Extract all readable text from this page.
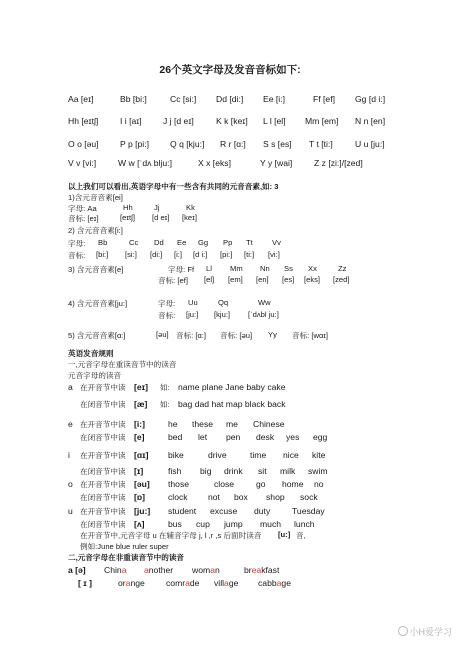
26个英文字母及发音音标如下:
Aa [eɪ]	Bb [bi:]	Cc [si:] Dd [di:] Ee [i:]	Ff [ef] Gg [d i:]
Hh [eɪtʃ]	I i [aɪ] J j [d eɪ]	K k [keɪ] L l [el] Mm [em] N n [en]
O o [əu] P p [pi:] Q q [kju:] R r [ɑ:] S s [es] T t [ti:]	U u [ju:]
V v [vi:]	W w [ˈdʌ blju:]	X x [eks]	Y y [wai]	Z z [zi:]/[zed]
以上我们可以看出,英语字母中有一些含有共同的元音音素,如: 3
1)含元音音素[ei]
字母: Aa	Hh	Jj	Kk
音标: [eɪ]	[eɪtʃ] [d eɪ] [keɪ]
2) 含元音音素[i:]
字母: Bb	Cc Dd Ee Gg Pp Tt	Vv
音标: [bi:] [si:] [di:] [i:] [d i:] [pi:] [ti:] [vi:]
3) 含元音音素[e]	字母: Ff Ll Mm Nn Ss Xx	Zz
音标: [ef] [el] [em] [en] [es] [eks] [zed]
4) 含元音音素[ju:]	字母: Uu	Qq	Ww
音标: [ju:] [kju:] [ˈdʌbl ju:]
5) 含元音音素[ɑ:]	[əu] 音标: [ɑ:] 音标: [əu] Yy 音标: [wɑɪ]
英语发音规则
一,元音字母在重读音节中的读音
元音字母的读音
a 在开音节中读 [eɪ] 如: name plane Jane baby cake
在闭音节中读 [æ] 如: bag dad hat map black back
e 在开音节中读 [i:]	he these me Chinese
在闭音节中读 [e]	bed let pen desk yes egg
i 在开音节中读 [ɑɪ] bike	drive	time nice kite
在闭音节中读 [ɪ]	fish big drink sit milk swim
o 在开音节中读 [əu] those	close	go home no
在闭音节中读 [ɒ]	clock not box shop sock
u 在开音节中读 [ju:] student excuse duty	Tuesday
在闭音节中读 [ʌ]	bus cup jump much lunch
在开音节中,元音字母 u 在辅音字母 j, l ,r ,s 后面时读音 [u:] 音,
例如:June blue ruler super
二,元音字母在非重读音节中的读音
a [ə] China another woman	breakfast
[ ɪ ]	orange comrade village cabbage
小H爱学习
